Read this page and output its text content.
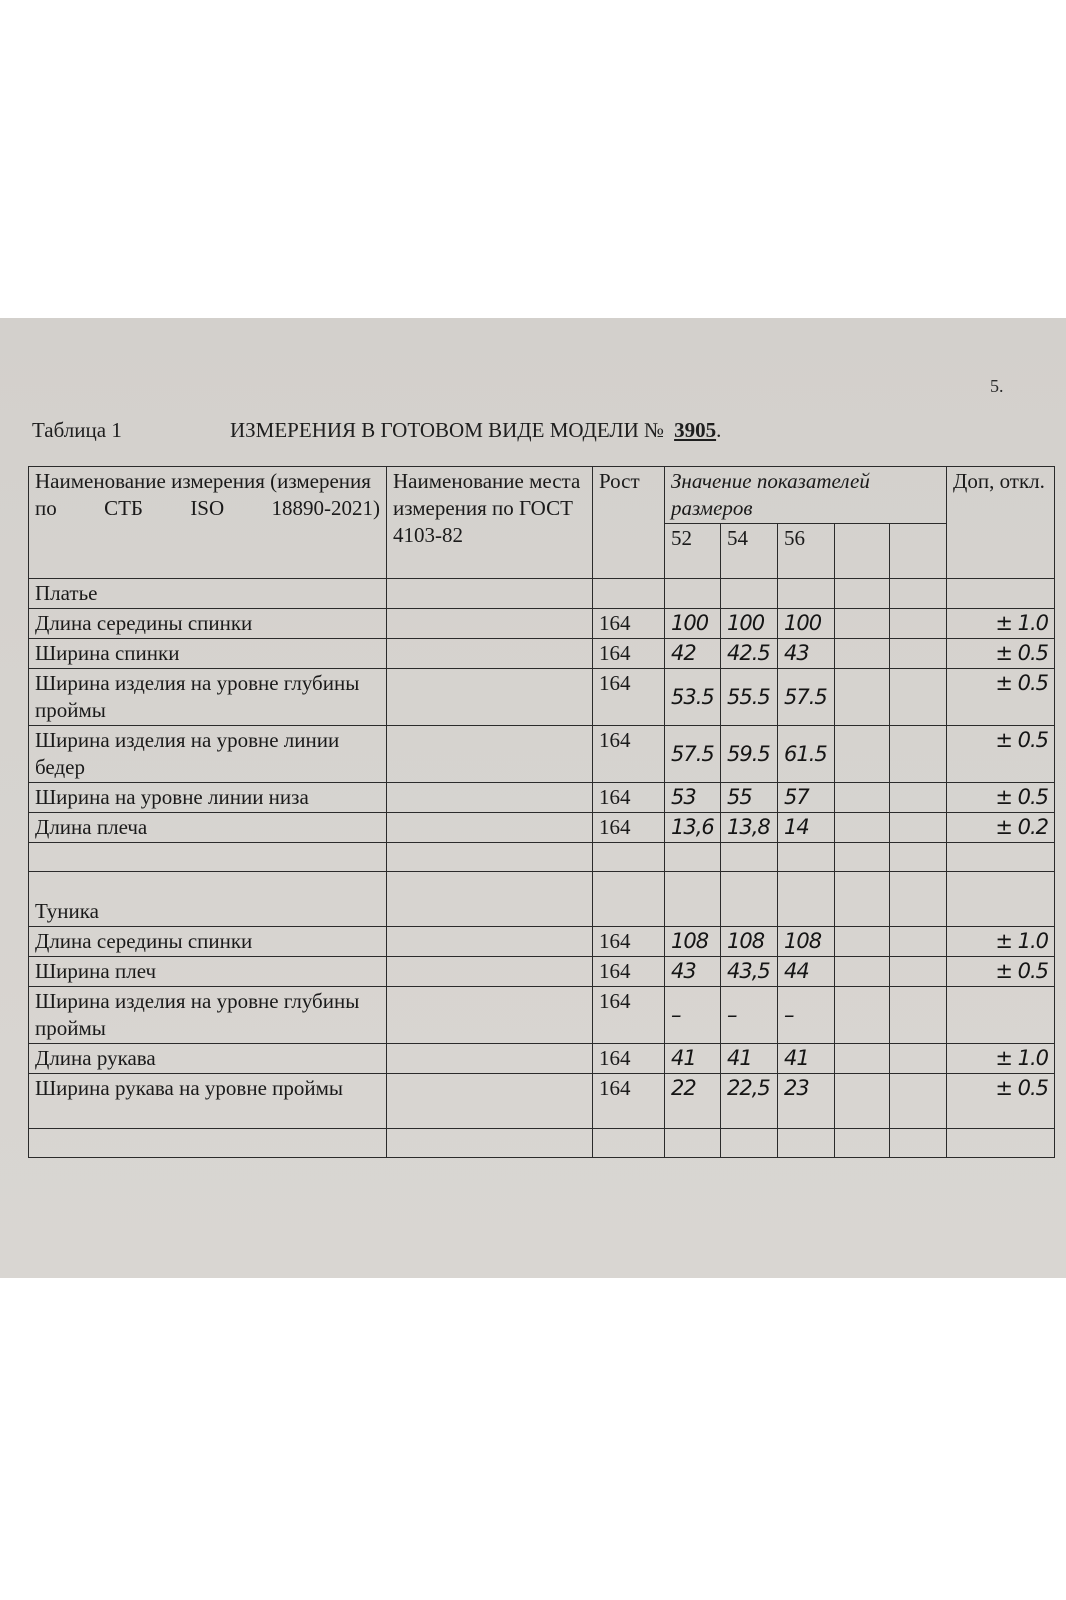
5.
Таблица 1	ИЗМЕРЕНИЯ В ГОТОВОМ ВИДЕ МОДЕЛИ № 3905.
Наименование измерения (измерения по СТБ ISO 18890-2021)	Наименование места измерения по ГОСТ 4103-82	Рост	Значение показателей размеров					Доп, откл.
			52	54	56			
Платье								
Длина середины спинки		164	100	100	100			± 1.0
Ширина спинки		164	42	42.5	43			± 0.5
Ширина изделия на уровне глубины проймы		164	53.5	55.5	57.5			± 0.5
Ширина изделия на уровне линии бедер		164	57.5	59.5	61.5			± 0.5
Ширина на уровне линии низа		164	53	55	57			± 0.5
Длина плеча		164	13,6	13,8	14			± 0.2

Туника								
Длина середины спинки		164	108	108	108			± 1.0
Ширина плеч		164	43	43,5	44			± 0.5
Ширина изделия на уровне глубины проймы		164	–	–	–			
Длина рукава		164	41	41	41			± 1.0
Ширина рукава на уровне проймы		164	22	22,5	23			± 0.5
